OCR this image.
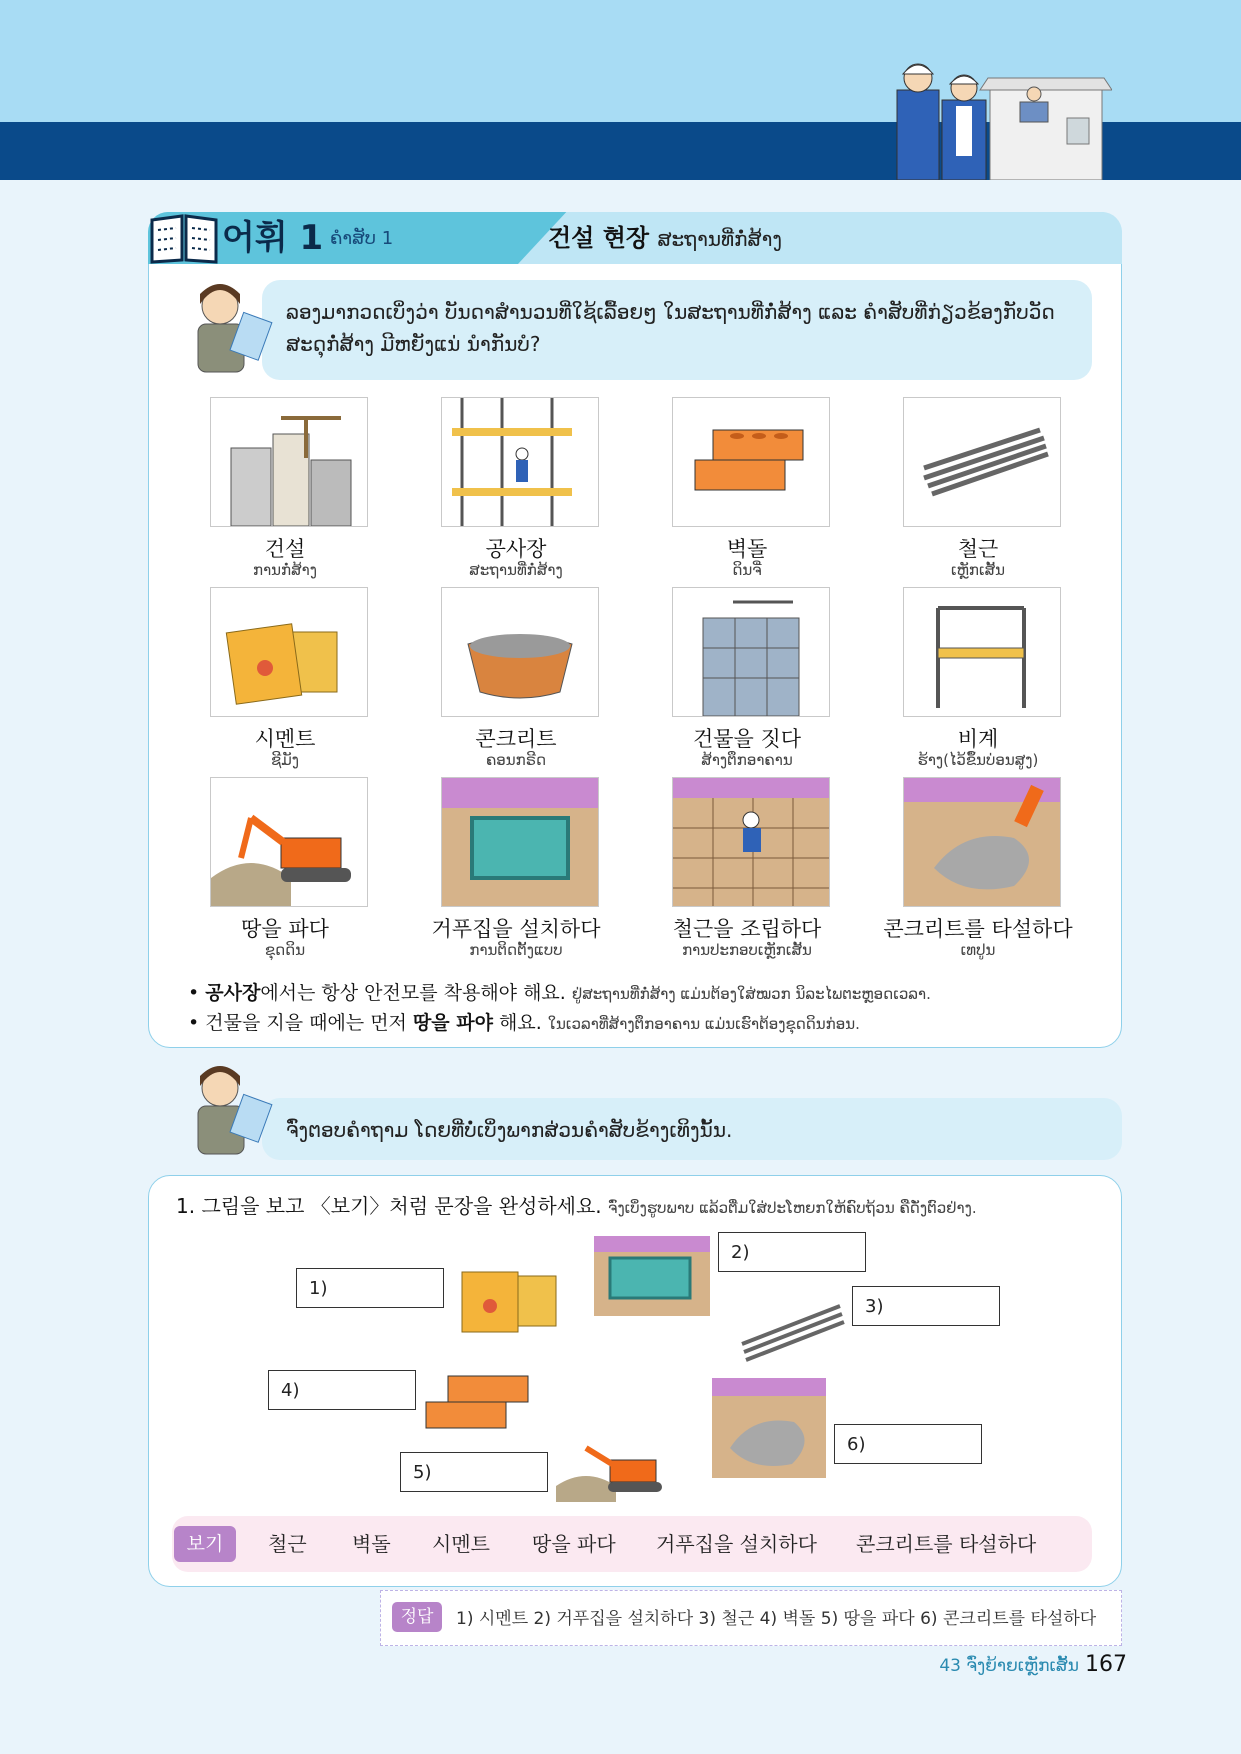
어휘 1 ຄຳສັບ 1	건설 현장 ສະຖານທີ່ກໍ່ສ້າງ
ລອງມາກວດເບິ່ງວ່າ ບັນດາສຳນວນທີ່ໃຊ້ເລື້ອຍໆ ໃນສະຖານທີ່ກໍ່ສ້າງ ແລະ ຄຳສັບທີ່ກ່ຽວຂ້ອງກັບວັດສະດຸກໍ່ສ້າງ ມີຫຍັງແນ່ ນຳກັນບໍ?
건설
ການກໍ່ສ້າງ
공사장
ສະຖານທີ່ກໍ່ສ້າງ
벽돌
ດິນຈີ່
철근
ເຫຼັກເສັ້ນ
시멘트
ຊີມັງ
콘크리트
ຄອນກຣີດ
건물을 짓다
ສ້າງຕຶກອາຄານ
비계
ຮ້າງ(ໄວ້ຂຶ້ນບ່ອນສູງ)
땅을 파다
ຂຸດດິນ
거푸집을 설치하다
ການຕິດຕັ້ງແບບ
철근을 조립하다
ການປະກອບເຫຼັກເສັ້ນ
콘크리트를 타설하다
ເທປູນ
• 공사장에서는 항상 안전모를 착용해야 해요. ຢູ່ສະຖານທີ່ກໍ່ສ້າງ ແມ່ນຕ້ອງໃສ່ໝວກ ນິລະໄພຕະຫຼອດເວລາ.
• 건물을 지을 때에는 먼저 땅을 파야 해요. ໃນເວລາທີ່ສ້າງຕຶກອາຄານ ແມ່ນເຮົາຕ້ອງຂຸດດິນກ່ອນ.
ຈົ່ງຕອບຄຳຖາມ ໂດຍທີ່ບໍ່ເບິ່ງພາກສ່ວນຄຳສັບຂ້າງເທິງນັ້ນ.
1. 그림을 보고 〈보기〉처럼 문장을 완성하세요. ຈົ່ງເບິ່ງຮູບພາບ ແລ້ວຕື່ມໃສ່ປະໂຫຍກໃຫ້ຄົບຖ້ວນ ຄືດັ່ງຕົວຢ່າງ.
1)
2)
3)
4)
5)
6)
보기	철근 벽돌 시멘트 땅을 파다 거푸집을 설치하다 콘크리트를 타설하다
정답	1) 시멘트 2) 거푸집을 설치하다 3) 철근 4) 벽돌 5) 땅을 파다 6) 콘크리트를 타설하다
43 ຈົ່ງຍ້າຍເຫຼັກເສັ້ນ 167
